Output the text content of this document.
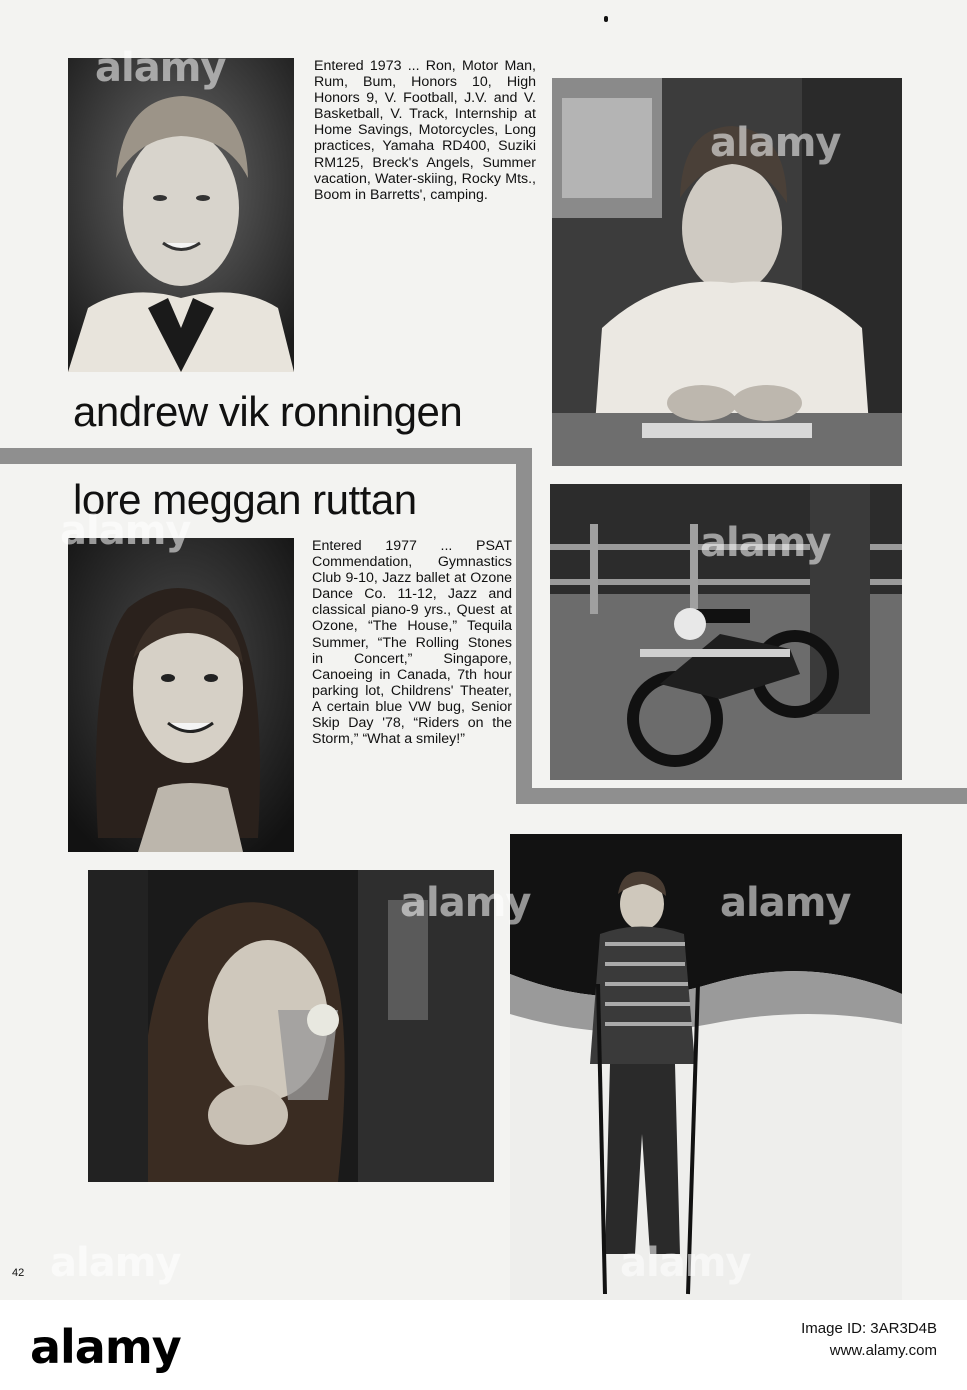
Entered 1973 ... Ron, Motor Man, Rum, Bum, Honors 10, High Honors 9, V. Football, J.V. and V. Basketball, V. Track, Internship at Home Savings, Motorcycles, Long practices, Yamaha RD400, Suziki RM125, Breck's Angels, Summer vacation, Water-skiing, Rocky Mts., Boom in Barretts', camping.
andrew vik ronningen
lore meggan ruttan
Entered 1977 ... PSAT Commendation, Gymnastics Club 9-10, Jazz ballet at Ozone Dance Co. 11-12, Jazz and classical piano-9 yrs., Quest at Ozone, “The House,” Tequila Summer, “The Rolling Stones in Concert,” Singapore, Canoeing in Canada, 7th hour parking lot, Childrens' Theater, A certain blue VW bug, Senior Skip Day '78, “Riders on the Storm,” “What a smiley!”
alamy
alamy
alamy	alamy
alamy	alamy
alamy	alamy
42
alamy	Image ID: 3AR3D4B
www.alamy.com
